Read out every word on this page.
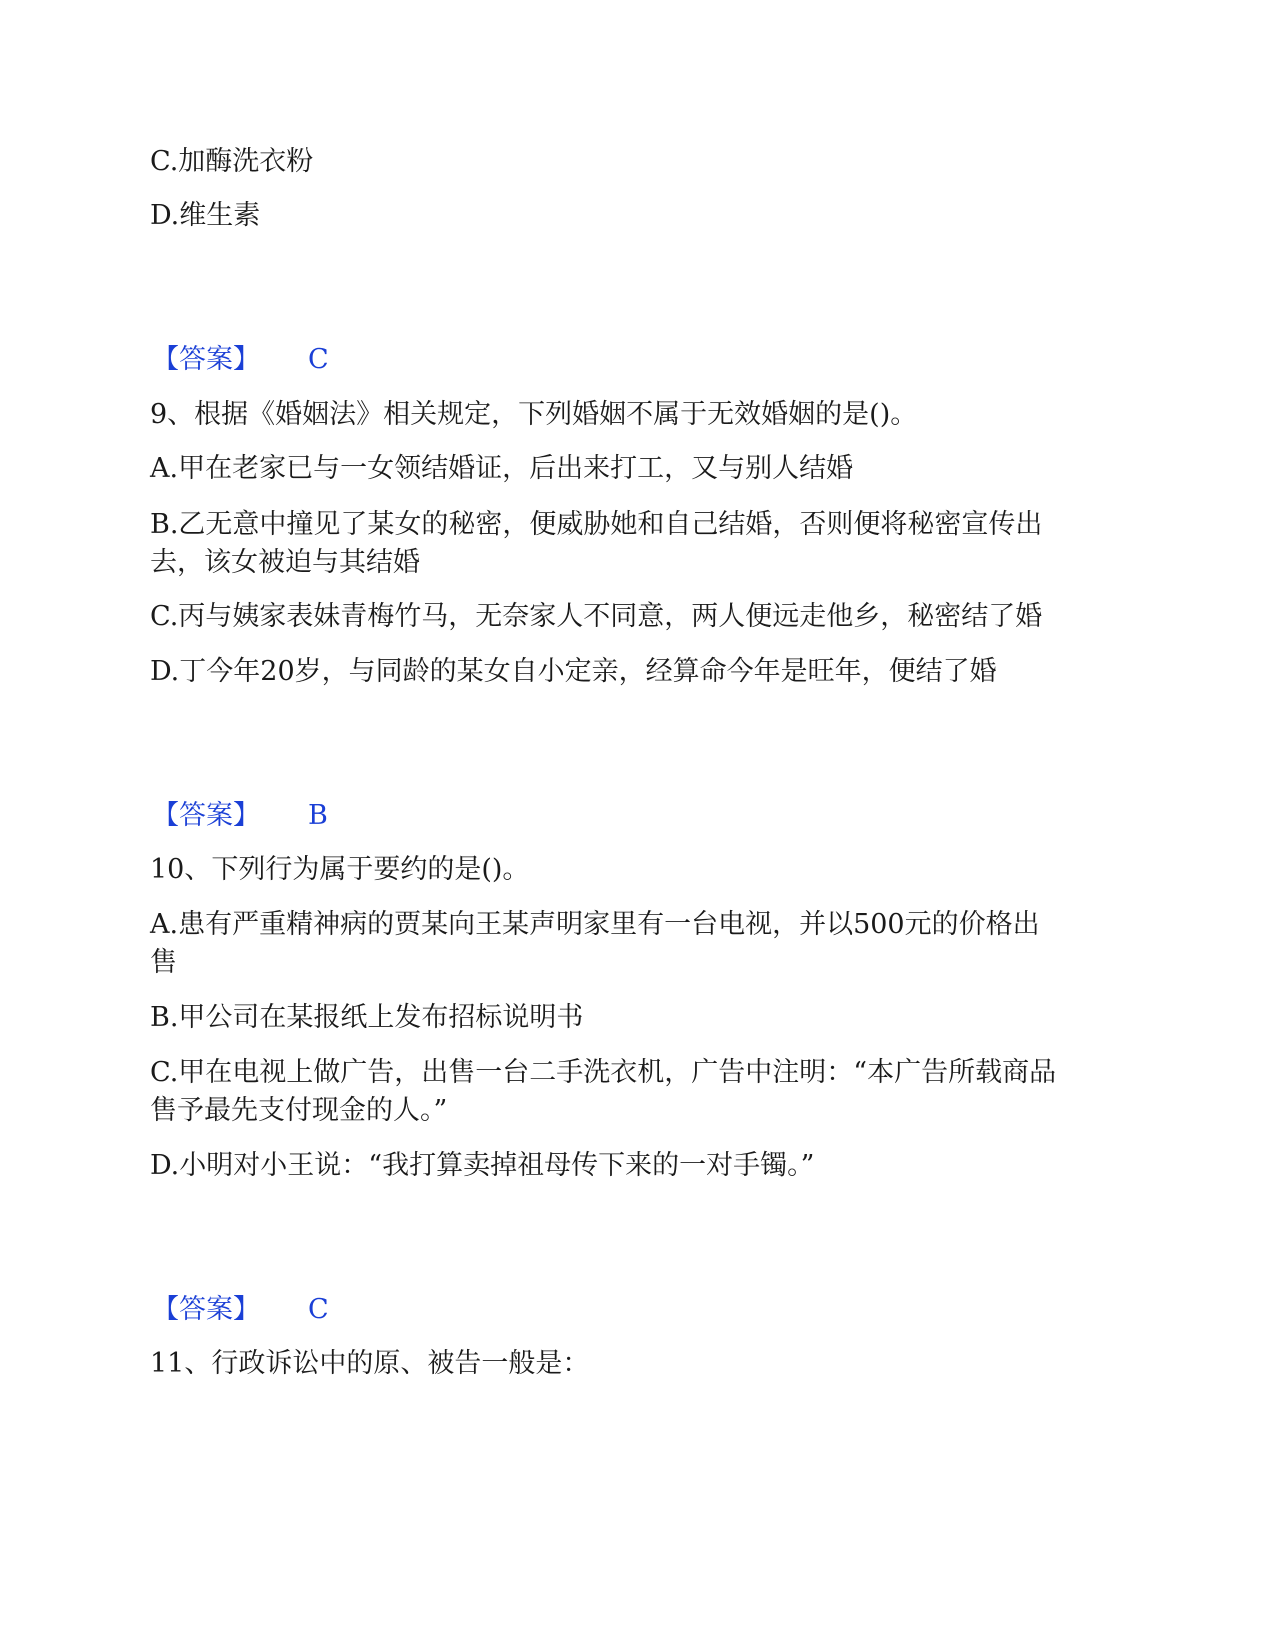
C.加酶洗衣粉
D.维生素
【答案】 C
9、根据《婚姻法》相关规定，下列婚姻不属于无效婚姻的是()。
A.甲在老家已与一女领结婚证，后出来打工，又与别人结婚
B.乙无意中撞见了某女的秘密，便威胁她和自己结婚，否则便将秘密宣传出
去，该女被迫与其结婚
C.丙与姨家表妹青梅竹马，无奈家人不同意，两人便远走他乡，秘密结了婚
D.丁今年20岁，与同龄的某女自小定亲，经算命今年是旺年，便结了婚
【答案】 B
10、下列行为属于要约的是()。
A.患有严重精神病的贾某向王某声明家里有一台电视，并以500元的价格出
售
B.甲公司在某报纸上发布招标说明书
C.甲在电视上做广告，出售一台二手洗衣机，广告中注明：“本广告所载商品
售予最先支付现金的人。”
D.小明对小王说：“我打算卖掉祖母传下来的一对手镯。”
【答案】 C
11、行政诉讼中的原、被告一般是：
